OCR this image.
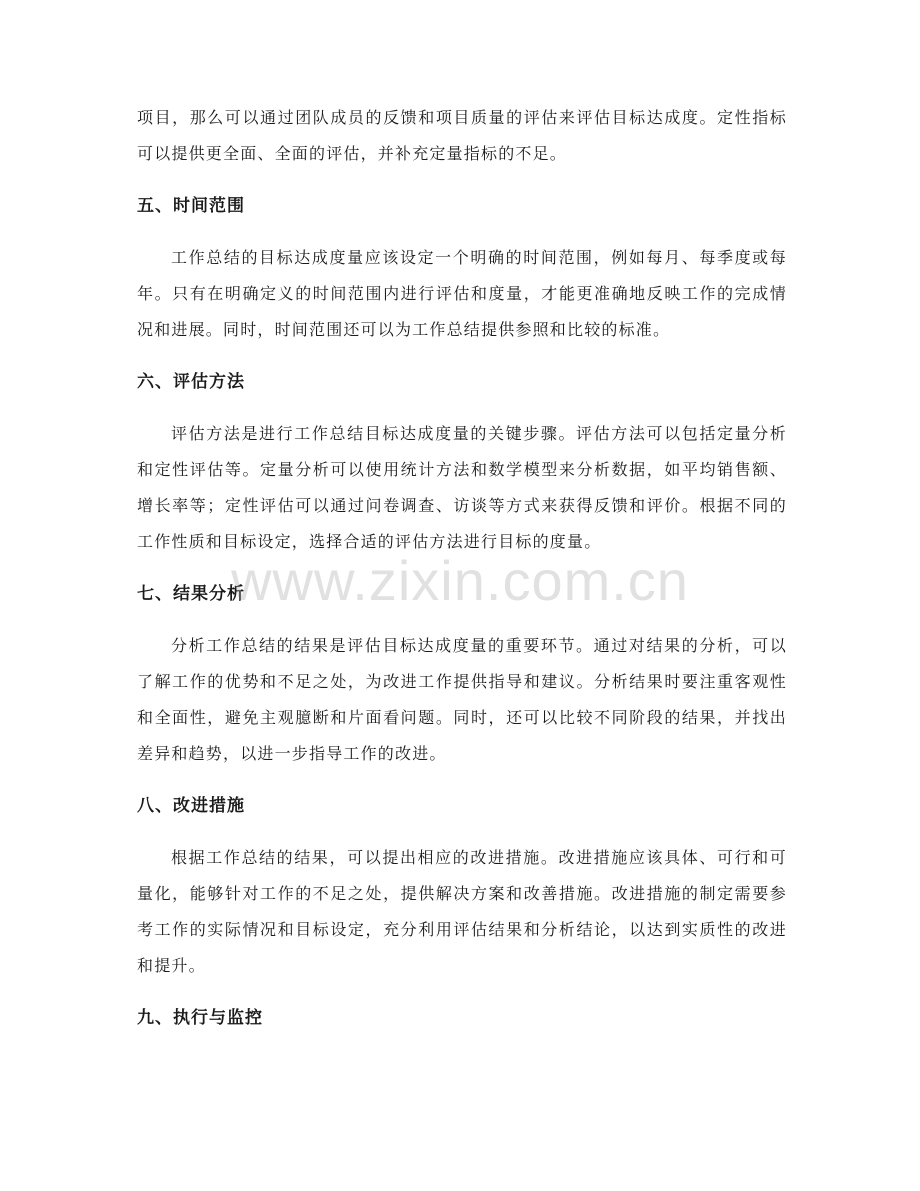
项目，那么可以通过团队成员的反馈和项目质量的评估来评估目标达成度。定性指标可以提供更全面、全面的评估，并补充定量指标的不足。

五、时间范围

工作总结的目标达成度量应该设定一个明确的时间范围，例如每月、每季度或每年。只有在明确定义的时间范围内进行评估和度量，才能更准确地反映工作的完成情况和进展。同时，时间范围还可以为工作总结提供参照和比较的标准。

六、评估方法

评估方法是进行工作总结目标达成度量的关键步骤。评估方法可以包括定量分析和定性评估等。定量分析可以使用统计方法和数学模型来分析数据，如平均销售额、增长率等；定性评估可以通过问卷调查、访谈等方式来获得反馈和评价。根据不同的工作性质和目标设定，选择合适的评估方法进行目标的度量。

七、结果分析

分析工作总结的结果是评估目标达成度量的重要环节。通过对结果的分析，可以了解工作的优势和不足之处，为改进工作提供指导和建议。分析结果时要注重客观性和全面性，避免主观臆断和片面看问题。同时，还可以比较不同阶段的结果，并找出差异和趋势，以进一步指导工作的改进。

八、改进措施

根据工作总结的结果，可以提出相应的改进措施。改进措施应该具体、可行和可量化，能够针对工作的不足之处，提供解决方案和改善措施。改进措施的制定需要参考工作的实际情况和目标设定，充分利用评估结果和分析结论，以达到实质性的改进和提升。

九、执行与监控
www.zixin.com.cn
